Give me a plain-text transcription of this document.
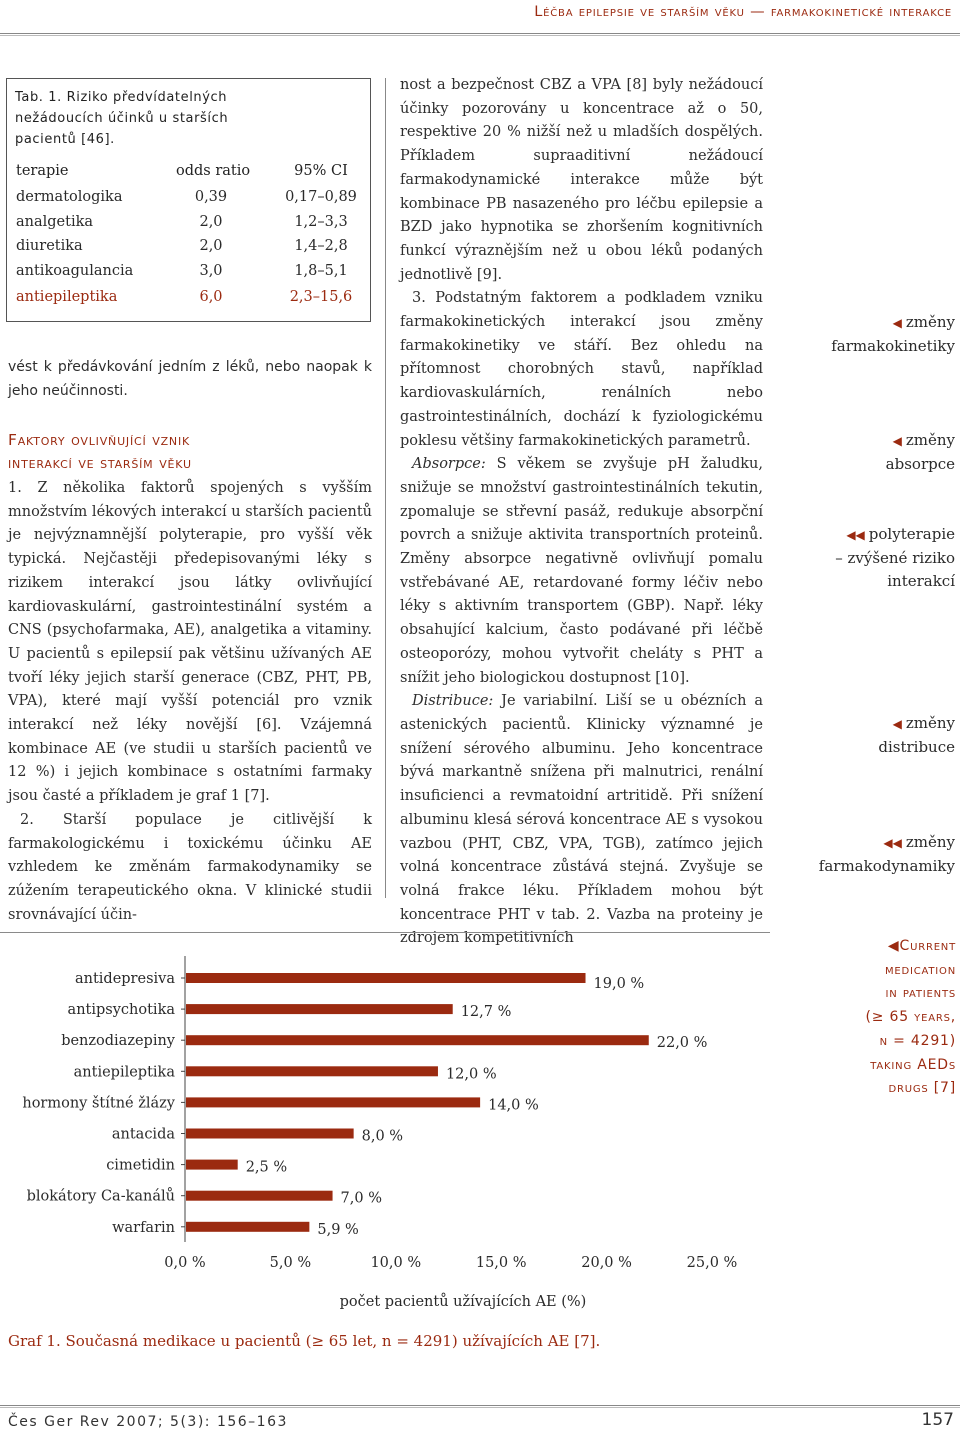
Léčba epilepsie ve starším věku — farmakokinetické interakce
Tab. 1. Riziko předvídatelných
nežádoucích účinků u starších
pacientů [46].
terapie	odds ratio	95% CI
dermatologika	0,39	0,17–0,89
analgetika	2,0	1,2–3,3
diuretika	2,0	1,4–2,8
antikoagulancia	3,0	1,8–5,1
antiepileptika	6,0	2,3–15,6
vést k předávkování jedním z léků, nebo naopak k jeho neúčinnosti.
Faktory ovlivňující vznik
interakcí ve starším věku

1. Z několika faktorů spojených s vyšším množstvím lékových interakcí u starších pacientů je nejvýznamnější polyterapie, pro vyšší věk typická. Nejčastěji předepisovanými léky s rizikem interakcí jsou látky ovlivňující kardiovaskulární, gastrointestinální systém a CNS (psychofarmaka, AE), analgetika a vitaminy. U pacientů s epilepsií pak většinu užívaných AE tvoří léky jejich starší generace (CBZ, PHT, PB, VPA), které mají vyšší potenciál pro vznik interakcí než léky novější [6]. Vzájemná kombinace AE (ve studii u starších pacientů ve 12 %) i jejich kombinace s ostatními farmaky jsou časté a příkladem je graf 1 [7].

2. Starší populace je citlivější k farmakologickému i toxickému účinku AE vzhledem ke změnám farmakodynamiky se zúžením terapeutického okna. V klinické studii srovnávající účin-

nost a bezpečnost CBZ a VPA [8] byly nežádoucí účinky pozorovány u koncentrace až o 50, respektive 20 % nižší než u mladších dospělých. Příkladem supraaditivní nežádoucí farmakodynamické interakce může být kombinace PB nasazeného pro léčbu epilepsie a BZD jako hypnotika se zhoršením kognitivních funkcí výraznějším než u obou léků podaných jednotlivě [9].

3. Podstatným faktorem a podkladem vzniku farmakokinetických interakcí jsou změny farmakokinetiky ve stáří. Bez ohledu na přítomnost chorobných stavů, například kardiovaskulárních, renálních nebo gastrointestinálních, dochází k fyziologickému poklesu většiny farmakokinetických parametrů.

Absorpce: S věkem se zvyšuje pH žaludku, snižuje se množství gastrointestinálních tekutin, zpomaluje se střevní pasáž, redukuje absorpční povrch a snižuje aktivita transportních proteinů. Změny absorpce negativně ovlivňují pomalu vstřebávané AE, retardované formy léčiv nebo léky s aktivním transportem (GBP). Např. léky obsahující kalcium, často podávané při léčbě osteoporózy, mohou vytvořit cheláty s PHT a snížit jeho biologickou dostupnost [10].

Distribuce: Je variabilní. Liší se u obézních a astenických pacientů. Klinicky významné je snížení sérového albuminu. Jeho koncentrace bývá markantně snížena při malnutrici, renální insuficienci a revmatoidní artritidě. Při snížení albuminu klesá sérová koncentrace AE s vysokou vazbou (PHT, CBZ, VPA, TGB), zatímco jejich volná koncentrace zůstává stejná. Zvyšuje se volná frakce léku. Příkladem mohou být koncentrace PHT v tab. 2. Vazba na proteiny je zdrojem kompetitivních

◀ změny
farmakokinetiky
◀ změny
absorpce
◀◀ polyterapie
– zvýšené riziko
interakcí
◀ změny
distribuce
◀◀ změny
farmakodynamiky
antidepresiva	19,0 %
antipsychotika	12,7 %
benzodiazepiny	22,0 %
antiepileptika	12,0 %
hormony štítné žlázy	14,0 %
antacida	8,0 %
cimetidin	2,5 %
blokátory Ca-kanálů	7,0 %
warfarin	5,9 %
0,0 %	5,0 %	10,0 %	15,0 %	20,0 %	25,0 %
počet pacientů užívajících AE (%)
Graf 1. Současná medikace u pacientů (≥ 65 let, n = 4291) užívajících AE [7].
◀Current
medication
in patients
(≥ 65 years,
n = 4291)
taking AEDs
drugs [7]
Čes Ger Rev 2007; 5(3): 156–163	157
